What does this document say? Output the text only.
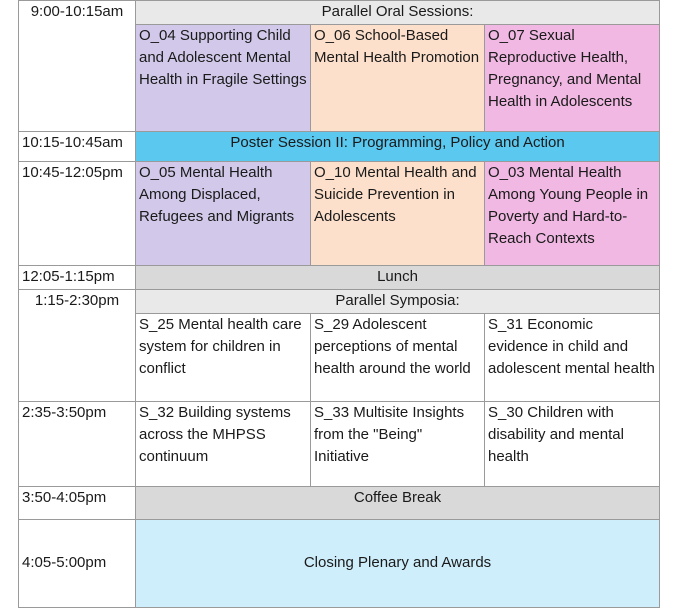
9:00-10:15am	Parallel Oral Sessions:		
	O_04 Supporting Child and Adolescent Mental Health in Fragile Settings	O_06 School-Based Mental Health Promotion	O_07 Sexual Reproductive Health, Pregnancy, and Mental Health in Adolescents
10:15-10:45am	Poster Session II: Programming, Policy and Action		
10:45-12:05pm	O_05 Mental Health Among Displaced, Refugees and Migrants	O_10 Mental Health and Suicide Prevention in Adolescents	O_03 Mental Health Among Young People in Poverty and Hard-to-Reach Contexts
12:05-1:15pm	Lunch		
1:15-2:30pm	Parallel Symposia:		
	S_25 Mental health care system for children in conflict	S_29 Adolescent perceptions of mental health around the world	S_31 Economic evidence in child and adolescent mental health
2:35-3:50pm	S_32 Building systems across the MHPSS continuum	S_33 Multisite Insights from the "Being" Initiative	S_30 Children with disability and mental health
3:50-4:05pm	Coffee Break		
4:05-5:00pm	Closing Plenary and Awards		
